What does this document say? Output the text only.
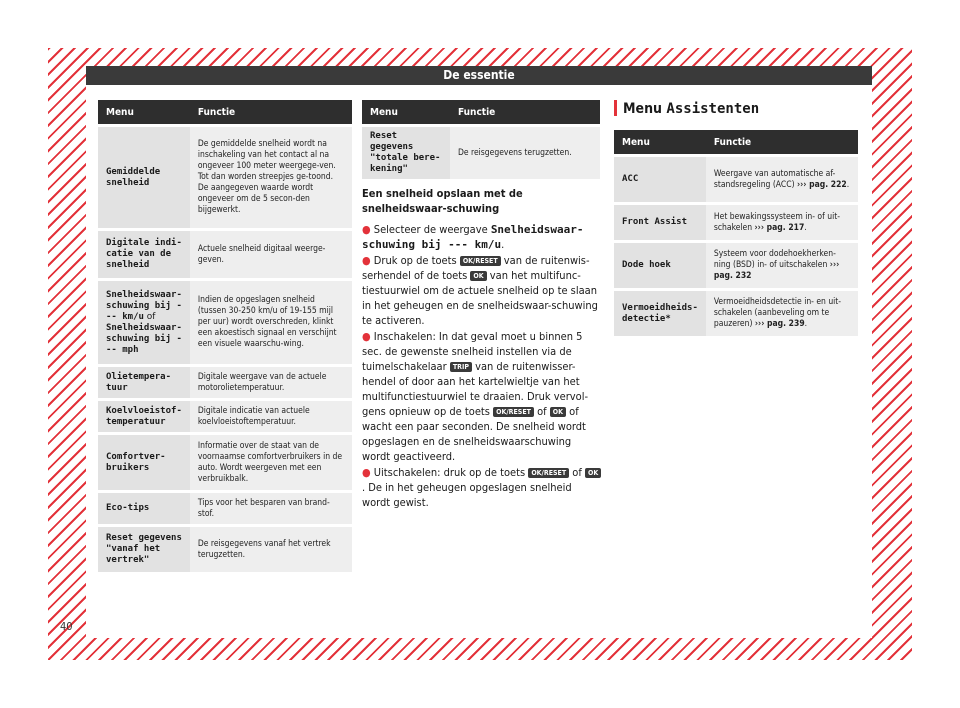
De essentie
Menu	Functie
Gemiddelde snelheid	De gemiddelde snelheid wordt na inschakeling van het contact al na ongeveer 100 meter weergege-ven. Tot dan worden streepjes ge-toond. De aangegeven waarde wordt ongeveer om de 5 secon-den bijgewerkt.
Digitale indi-catie van de snelheid	Actuele snelheid digitaal weerge-geven.
Snelheidswaar-schuwing bij --- km/u of Snelheidswaar-schuwing bij --- mph	Indien de opgeslagen snelheid (tussen 30-250 km/u of 19-155 mijl per uur) wordt overschreden, klinkt een akoestisch signaal en verschijnt een visuele waarschu-wing.
Olietempera-tuur	Digitale weergave van de actuele motorolietemperatuur.
Koelvloeistof-temperatuur	Digitale indicatie van actuele koelvloeistoftemperatuur.
Comfortver-bruikers	Informatie over de staat van de voornaamse comfortverbruikers in de auto. Wordt weergeven met een verbruikbalk.
Eco-tips	Tips voor het besparen van brand-stof.
Reset gegevens "vanaf het vertrek"	De reisgegevens vanaf het vertrek terugzetten.
Menu	Functie
Reset gegevens "totale bere-kening"	De reisgegevens terugzetten.
Een snelheid opslaan met de snelheidswaar-schuwing

● Selecteer de weergave Snelheidswaar-schuwing bij --- km/u.

● Druk op de toets OK/RESET van de ruitenwis-serhendel of de toets OK van het multifunc-tiestuurwiel om de actuele snelheid op te slaan in het geheugen en de snelheidswaar-schuwing te activeren.

● Inschakelen: In dat geval moet u binnen 5 sec. de gewenste snelheid instellen via de tuimelschakelaar TRIP van de ruitenwisser-hendel of door aan het kartelwieltje van het multifunctiestuurwiel te draaien. Druk vervol-gens opnieuw op de toets OK/RESET of OK of wacht een paar seconden. De snelheid wordt opgeslagen en de snelheidswaarschuwing wordt geactiveerd.

● Uitschakelen: druk op de toets OK/RESET of OK. De in het geheugen opgeslagen snelheid wordt gewist.

Menu Assistenten
Menu	Functie
ACC	Weergave van automatische af-standsregeling (ACC) ››› pag. 222.
Front Assist	Het bewakingssysteem in- of uit-schakelen ››› pag. 217.
Dode hoek	Systeem voor dodehoekherken-ning (BSD) in- of uitschakelen ››› pag. 232
Vermoeidheids-detectie*	Vermoeidheidsdetectie in- en uit-schakelen (aanbeveling om te pauzeren) ››› pag. 239.
40
